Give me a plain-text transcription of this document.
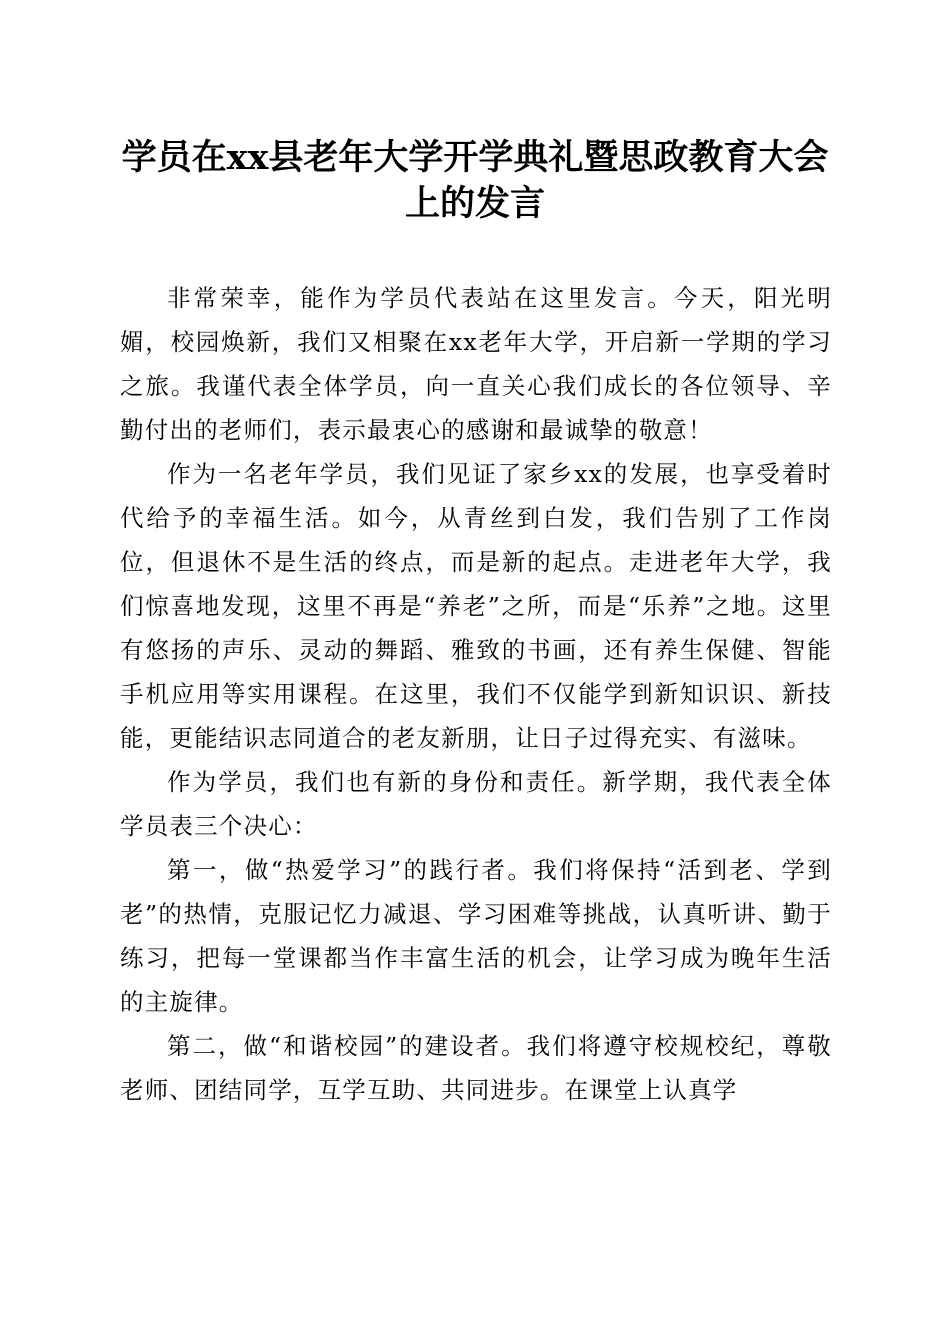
学员在xx县老年大学开学典礼暨思政教育大会上的发言

非常荣幸，能作为学员代表站在这里发言。今天，阳光明媚，校园焕新，我们又相聚在xx老年大学，开启新一学期的学习之旅。我谨代表全体学员，向一直关心我们成长的各位领导、辛勤付出的老师们，表示最衷心的感谢和最诚挚的敬意！

作为一名老年学员，我们见证了家乡xx的发展，也享受着时代给予的幸福生活。如今，从青丝到白发，我们告别了工作岗位，但退休不是生活的终点，而是新的起点。走进老年大学，我们惊喜地发现，这里不再是“养老”之所，而是“乐养”之地。这里有悠扬的声乐、灵动的舞蹈、雅致的书画，还有养生保健、智能手机应用等实用课程。在这里，我们不仅能学到新知识识、新技能，更能结识志同道合的老友新朋，让日子过得充实、有滋味。

作为学员，我们也有新的身份和责任。新学期，我代表全体学员表三个决心：

第一，做“热爱学习”的践行者。我们将保持“活到老、学到老”的热情，克服记忆力减退、学习困难等挑战，认真听讲、勤于练习，把每一堂课都当作丰富生活的机会，让学习成为晚年生活的主旋律。

第二，做“和谐校园”的建设者。我们将遵守校规校纪，尊敬老师、团结同学，互学互助、共同进步。在课堂上认真学
